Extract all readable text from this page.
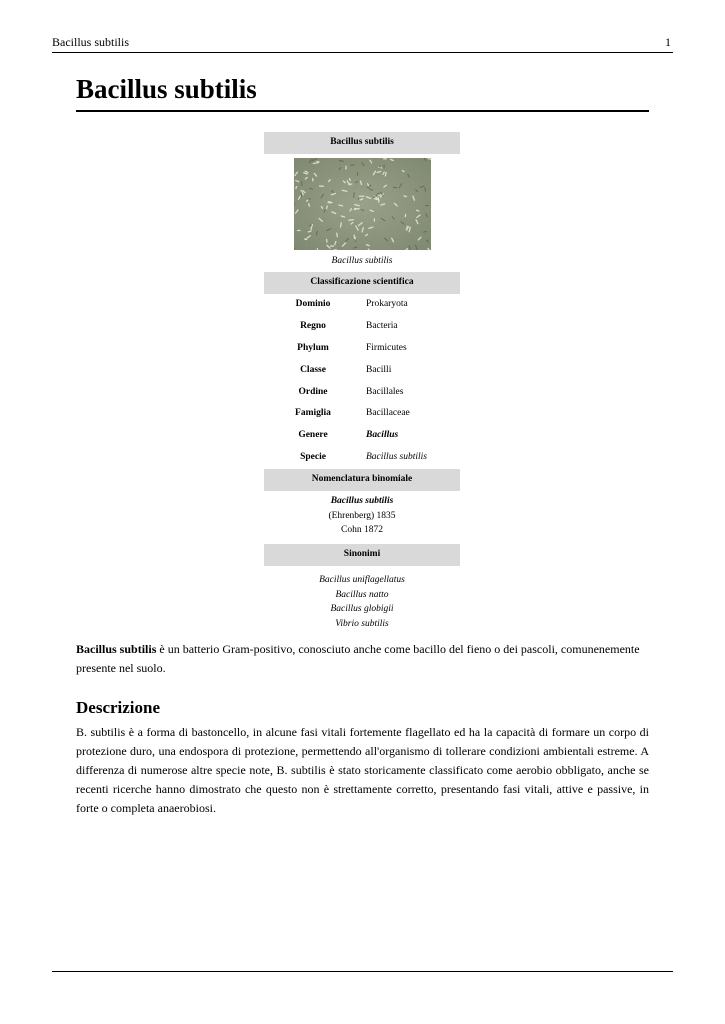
Bacillus subtilis	1
Bacillus subtilis
Bacillus subtilis
Bacillus subtilis
Classificazione scientifica
Dominio	Prokaryota
Regno	Bacteria
Phylum	Firmicutes
Classe	Bacilli
Ordine	Bacillales
Famiglia	Bacillaceae
Genere	Bacillus
Specie	Bacillus subtilis
Nomenclatura binomiale
Bacillus subtilis
(Ehrenberg) 1835
Cohn 1872
Sinonimi
Bacillus uniflagellatus
Bacillus natto
Bacillus globigii
Vibrio subtilis

Bacillus subtilis è un batterio Gram-positivo, conosciuto anche come bacillo del fieno o dei pascoli, comunenemente presente nel suolo.

Descrizione

B. subtilis è a forma di bastoncello, in alcune fasi vitali fortemente flagellato ed ha la capacità di formare un corpo di protezione duro, una endospora di protezione, permettendo all'organismo di tollerare condizioni ambientali estreme. A differenza di numerose altre specie note, B. subtilis è stato storicamente classificato come aerobio obbligato, anche se recenti ricerche hanno dimostrato che questo non è strettamente corretto, presentando fasi vitali, attive e passive, in forte o completa anaerobiosi.
